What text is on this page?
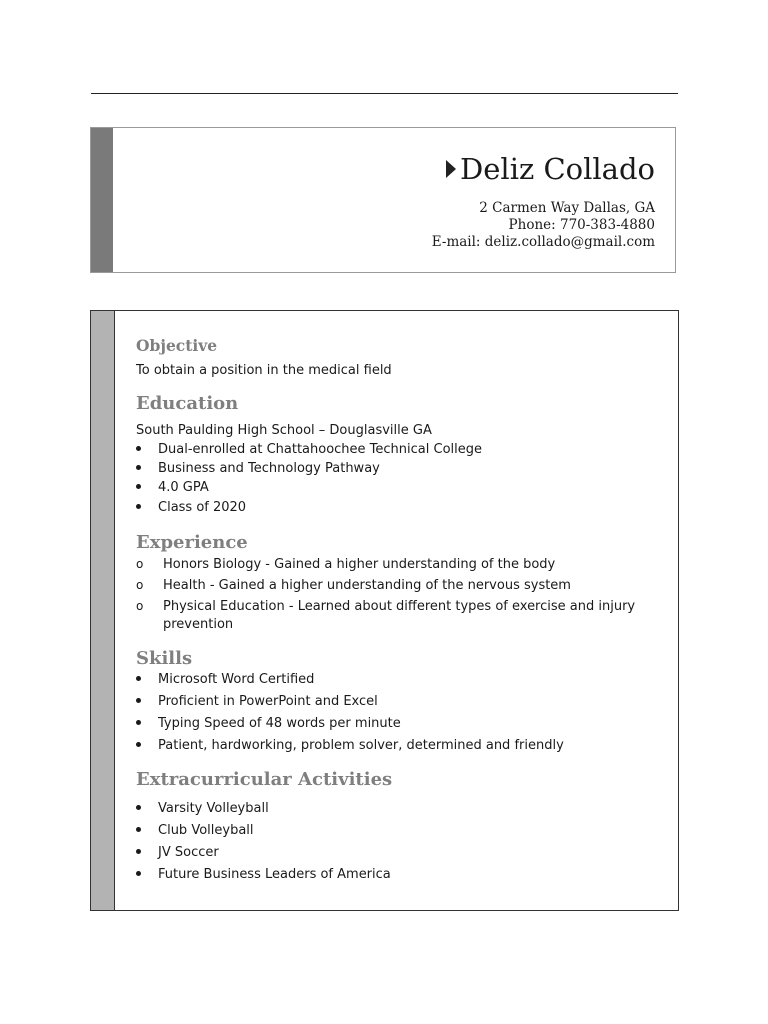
Deliz Collado
2 Carmen Way Dallas, GA
Phone: 770-383-4880
E-mail: deliz.collado@gmail.com
Objective
To obtain a position in the medical field
Education
South Paulding High School – Douglasville GA
Dual-enrolled at Chattahoochee Technical College
Business and Technology Pathway
4.0 GPA
Class of 2020
Experience
o	Honors Biology - Gained a higher understanding of the body
o	Health - Gained a higher understanding of the nervous system
o	Physical Education - Learned about different types of exercise and injury
prevention
Skills
Microsoft Word Certified
Proficient in PowerPoint and Excel
Typing Speed of 48 words per minute
Patient, hardworking, problem solver, determined and friendly
Extracurricular Activities
Varsity Volleyball
Club Volleyball
JV Soccer
Future Business Leaders of America
